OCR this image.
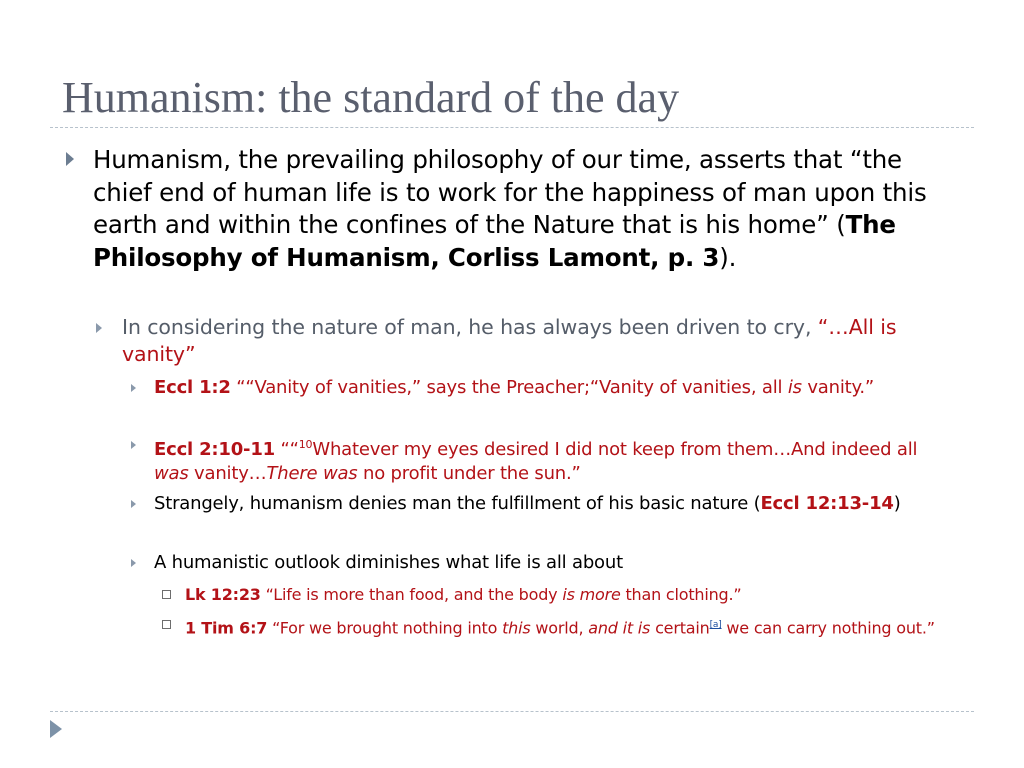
Humanism: the standard of the day

Humanism, the prevailing philosophy of our time, asserts that “the chief end of human life is to work for the happiness of man upon this earth and within the confines of the Nature that is his home” (The Philosophy of Humanism, Corliss Lamont, p. 3).

In considering the nature of man, he has always been driven to cry, “…All is vanity”

Eccl 1:2 ““Vanity of vanities,” says the Preacher;“Vanity of vanities, all is vanity.”

Eccl 2:10-11 ““$^{10}$Whatever my eyes desired I did not keep from them…And indeed all was vanity…There was no profit under the sun.”

Strangely, humanism denies man the fulfillment of his basic nature (Eccl 12:13-14)

A humanistic outlook diminishes what life is all about

Lk 12:23 “Life is more than food, and the body is more than clothing.”

1 Tim 6:7 “For we brought nothing into this world, and it is certain[a] we can carry nothing out.”
